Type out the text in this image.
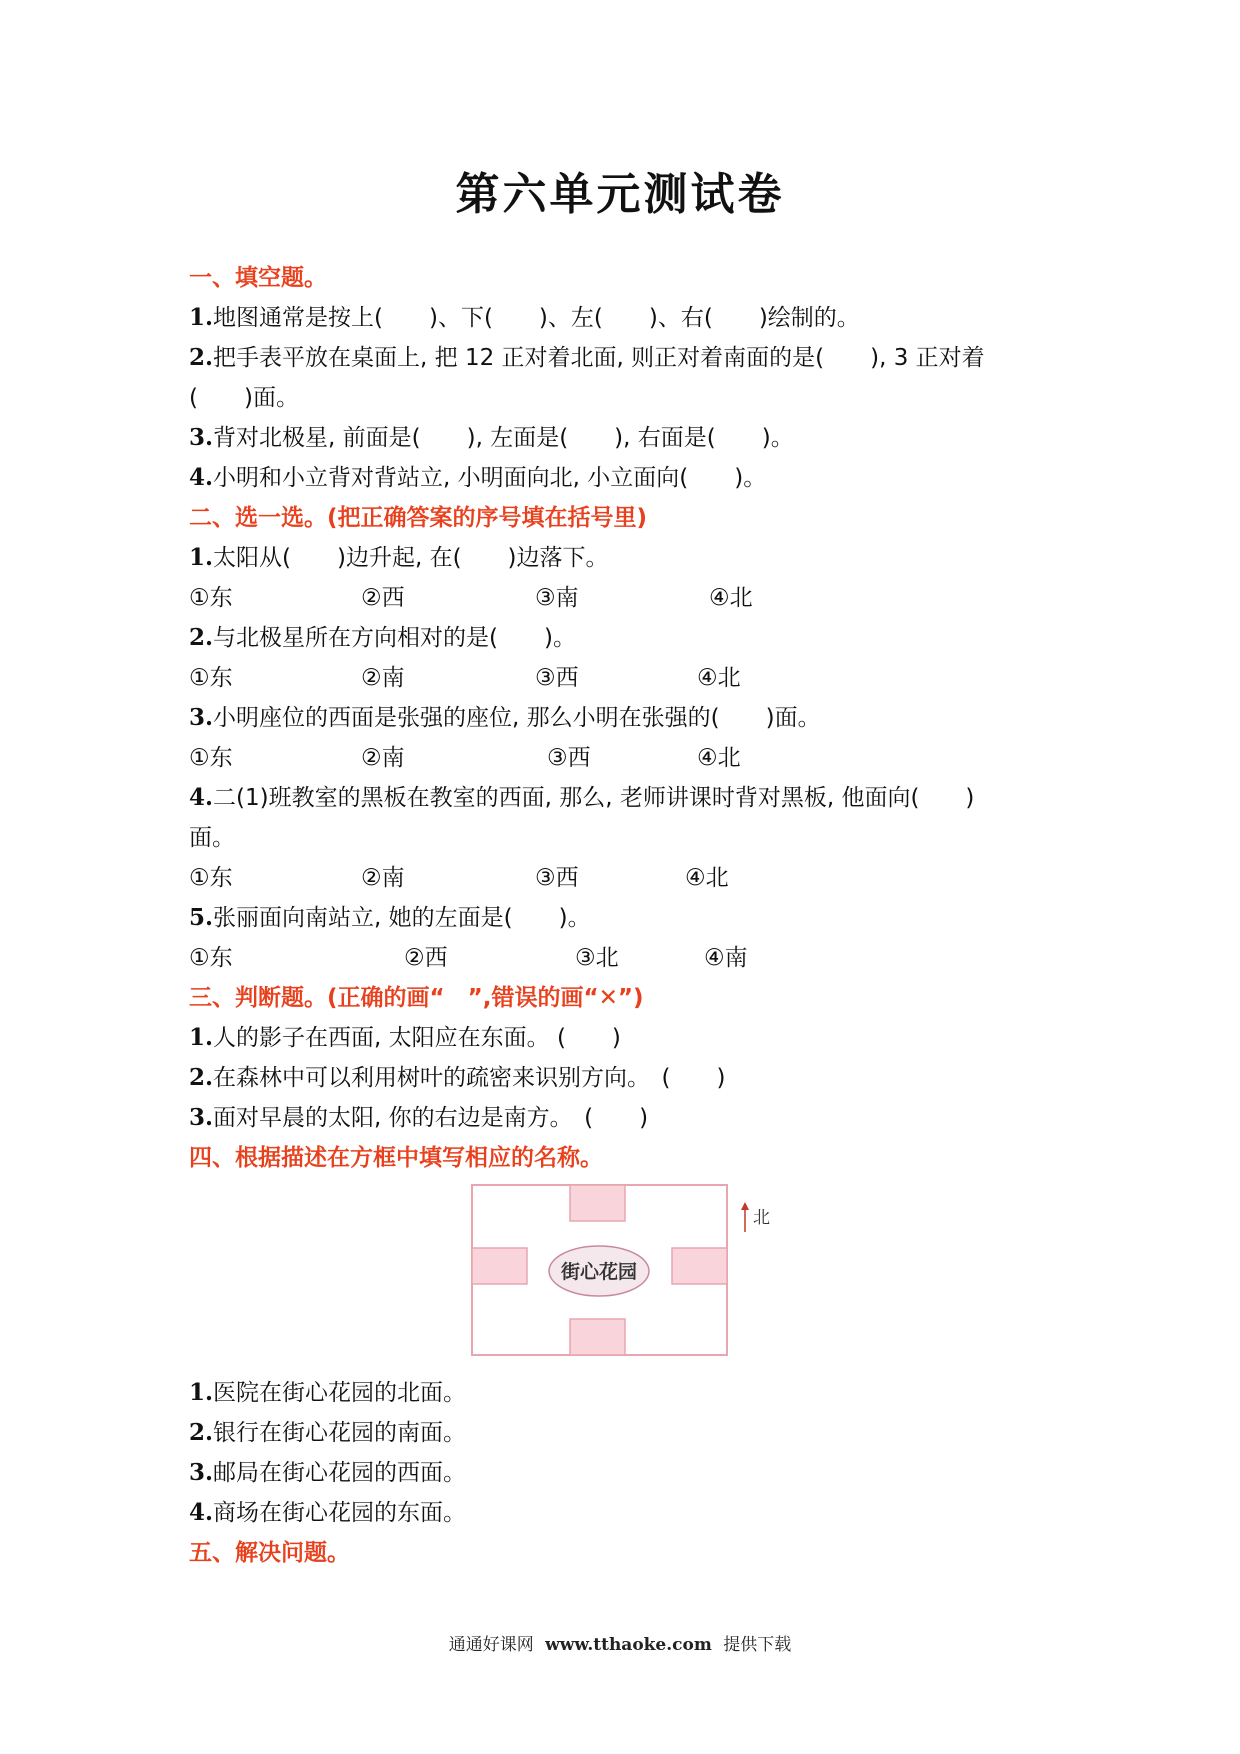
第六单元测试卷
一、填空题。
1.地图通常是按上(　　)、下(　　)、左(　　)、右(　　)绘制的。
2.把手表平放在桌面上, 把 12 正对着北面, 则正对着南面的是(　　), 3 正对着
(　　)面。
3.背对北极星, 前面是(　　), 左面是(　　), 右面是(　　)。
4.小明和小立背对背站立, 小明面向北, 小立面向(　　)。
二、选一选。(把正确答案的序号填在括号里)
1.太阳从(　　)边升起, 在(　　)边落下。
①东	②西	③南	④北
2.与北极星所在方向相对的是(　　)。
①东	②南	③西	④北
3.小明座位的西面是张强的座位, 那么小明在张强的(　　)面。
①东	②南	③西	④北
4.二(1)班教室的黑板在教室的西面, 那么, 老师讲课时背对黑板, 他面向(　　)
面。
①东	②南	③西	④北
5.张丽面向南站立, 她的左面是(　　)。
①东	②西	③北	④南
三、判断题。(正确的画“　”,错误的画“✕”)
1.人的影子在西面, 太阳应在东面。 (　　)
2.在森林中可以利用树叶的疏密来识别方向。　(　　)
3.面对早晨的太阳, 你的右边是南方。　(　　)
四、根据描述在方框中填写相应的名称。
街心花园
北
1.医院在街心花园的北面。
2.银行在街心花园的南面。
3.邮局在街心花园的西面。
4.商场在街心花园的东面。
五、解决问题。
通通好课网 www.tthaoke.com 提供下载
